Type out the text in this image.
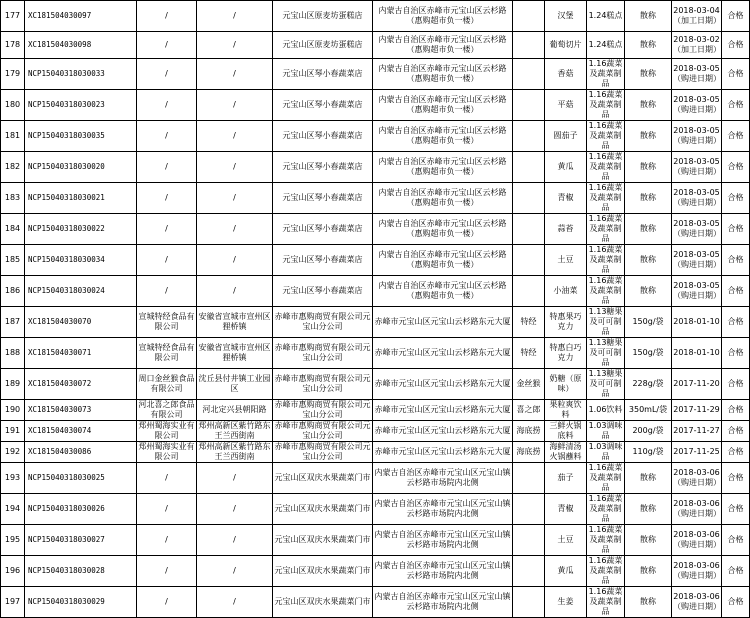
177	XC181504030097	/	/	元宝山区原麦坊蛋糕店	内蒙古自治区赤峰市元宝山区云杉路（惠购超市负一楼）		汉堡	1.24糕点	散称	2018-03-04（加工日期）	合格
178	XC181504030098	/	/	元宝山区原麦坊蛋糕店	内蒙古自治区赤峰市元宝山区云杉路（惠购超市负一楼）		葡萄切片	1.24糕点	散称	2018-03-02（加工日期）	合格
179	NCP15040318030033	/	/	元宝山区琴小春蔬菜店	内蒙古自治区赤峰市元宝山区云杉路（惠购超市负一楼）		香菇	1.16蔬菜及蔬菜制品	散称	2018-03-05（购进日期）	合格
180	NCP15040318030023	/	/	元宝山区琴小春蔬菜店	内蒙古自治区赤峰市元宝山区云杉路（惠购超市负一楼）		平菇	1.16蔬菜及蔬菜制品	散称	2018-03-05（购进日期）	合格
181	NCP15040318030035	/	/	元宝山区琴小春蔬菜店	内蒙古自治区赤峰市元宝山区云杉路（惠购超市负一楼）		圆茄子	1.16蔬菜及蔬菜制品	散称	2018-03-05（购进日期）	合格
182	NCP15040318030020	/	/	元宝山区琴小春蔬菜店	内蒙古自治区赤峰市元宝山区云杉路（惠购超市负一楼）		黄瓜	1.16蔬菜及蔬菜制品	散称	2018-03-05（购进日期）	合格
183	NCP15040318030021	/	/	元宝山区琴小春蔬菜店	内蒙古自治区赤峰市元宝山区云杉路（惠购超市负一楼）		青椒	1.16蔬菜及蔬菜制品	散称	2018-03-05（购进日期）	合格
184	NCP15040318030022	/	/	元宝山区琴小春蔬菜店	内蒙古自治区赤峰市元宝山区云杉路（惠购超市负一楼）		蒜苔	1.16蔬菜及蔬菜制品	散称	2018-03-05（购进日期）	合格
185	NCP15040318030034	/	/	元宝山区琴小春蔬菜店	内蒙古自治区赤峰市元宝山区云杉路（惠购超市负一楼）		土豆	1.16蔬菜及蔬菜制品	散称	2018-03-05（购进日期）	合格
186	NCP15040318030024	/	/	元宝山区琴小春蔬菜店	内蒙古自治区赤峰市元宝山区云杉路（惠购超市负一楼）		小油菜	1.16蔬菜及蔬菜制品	散称	2018-03-05（购进日期）	合格
187	XC181504030070	宣城特经食品有限公司	安徽省宣城市宣州区狸桥镇	赤峰市惠购商贸有限公司元宝山分公司	赤峰市元宝山区元宝山云杉路东元大厦	特经	特惠果巧克力	1.13糖果及可可制品	150g/袋	2018-01-10	合格
188	XC181504030071	宣城特经食品有限公司	安徽省宣城市宣州区狸桥镇	赤峰市惠购商贸有限公司元宝山分公司	赤峰市元宝山区元宝山云杉路东元大厦	特经	特惠白巧克力	1.13糖果及可可制品	150g/袋	2018-01-10	合格
189	XC181504030072	周口金丝猴食品有限公司	沈丘县付井镇工业园区	赤峰市惠购商贸有限公司元宝山分公司	赤峰市元宝山区元宝山云杉路东元大厦	金丝猴	奶糖（原味）	1.13糖果及可可制品	228g/袋	2017-11-20	合格
190	XC181504030073	河北喜之郎食品有限公司	河北定兴县朝阳路	赤峰市惠购商贸有限公司元宝山分公司	赤峰市元宝山区元宝山云杉路东元大厦	喜之郎	果粒爽饮料	1.06饮料	350mL/袋	2017-11-29	合格
191	XC181504030074	郑州蜀海实业有限公司	郑州高新区紫竹路东王兰西街南	赤峰市惠购商贸有限公司元宝山分公司	赤峰市元宝山区元宝山云杉路东元大厦	海底捞	三鲜火锅底料	1.03调味品	200g/袋	2017-11-27	合格
192	XC181504030086	郑州蜀海实业有限公司	郑州高新区紫竹路东王兰西街南	赤峰市惠购商贸有限公司元宝山分公司	赤峰市元宝山区元宝山云杉路东元大厦	海底捞	海鲜清汤火锅蘸料	1.03调味品	110g/袋	2017-11-25	合格
193	NCP15040318030025	/	/	元宝山区双庆水果蔬菜门市	内蒙古自治区赤峰市元宝山区元宝山镇云杉路市场院内北侧		茄子	1.16蔬菜及蔬菜制品	散称	2018-03-06（购进日期）	合格
194	NCP15040318030026	/	/	元宝山区双庆水果蔬菜门市	内蒙古自治区赤峰市元宝山区元宝山镇云杉路市场院内北侧		青椒	1.16蔬菜及蔬菜制品	散称	2018-03-06（购进日期）	合格
195	NCP15040318030027	/	/	元宝山区双庆水果蔬菜门市	内蒙古自治区赤峰市元宝山区元宝山镇云杉路市场院内北侧		土豆	1.16蔬菜及蔬菜制品	散称	2018-03-06（购进日期）	合格
196	NCP15040318030028	/	/	元宝山区双庆水果蔬菜门市	内蒙古自治区赤峰市元宝山区元宝山镇云杉路市场院内北侧		黄瓜	1.16蔬菜及蔬菜制品	散称	2018-03-06（购进日期）	合格
197	NCP15040318030029	/	/	元宝山区双庆水果蔬菜门市	内蒙古自治区赤峰市元宝山区元宝山镇云杉路市场院内北侧		生姜	1.16蔬菜及蔬菜制品	散称	2018-03-06（购进日期）	合格
